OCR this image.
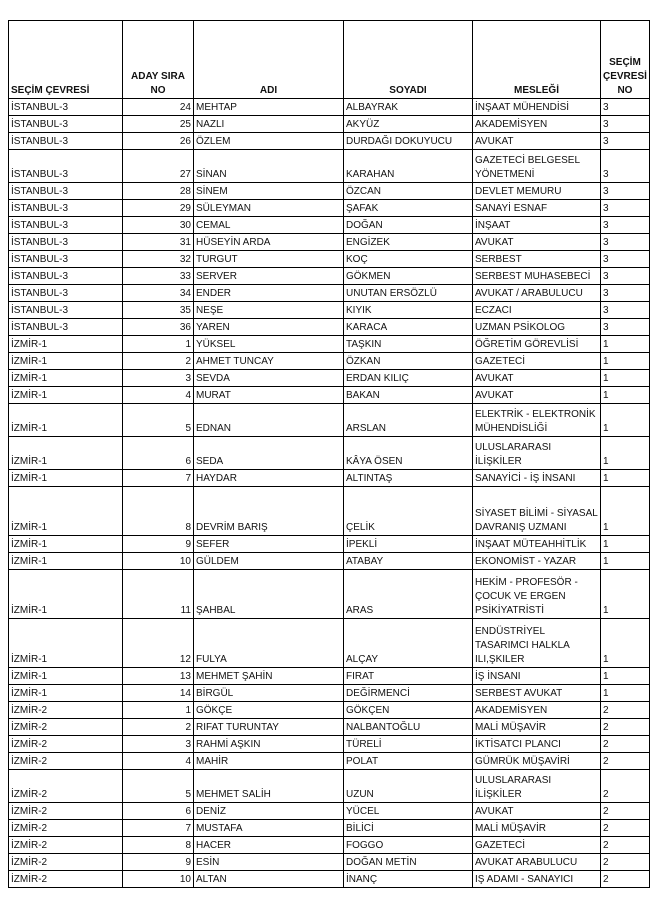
SEÇİM ÇEVRESİ	ADAY SIRA NO	ADI	SOYADI	MESLEĞİ	SEÇİM ÇEVRESİ NO
İSTANBUL-3	24	MEHTAP	ALBAYRAK	İNŞAAT MÜHENDİSİ	3
İSTANBUL-3	25	NAZLI	AKYÜZ	AKADEMİSYEN	3
İSTANBUL-3	26	ÖZLEM	DURDAĞI DOKUYUCU	AVUKAT	3
İSTANBUL-3	27	SİNAN	KARAHAN	GAZETECİ BELGESEL YÖNETMENİ	3
İSTANBUL-3	28	SİNEM	ÖZCAN	DEVLET MEMURU	3
İSTANBUL-3	29	SÜLEYMAN	ŞAFAK	SANAYİ ESNAF	3
İSTANBUL-3	30	CEMAL	DOĞAN	İNŞAAT	3
İSTANBUL-3	31	HÜSEYİN ARDA	ENGİZEK	AVUKAT	3
İSTANBUL-3	32	TURGUT	KOÇ	SERBEST	3
İSTANBUL-3	33	SERVER	GÖKMEN	SERBEST MUHASEBECİ	3
İSTANBUL-3	34	ENDER	UNUTAN ERSÖZLÜ	AVUKAT / ARABULUCU	3
İSTANBUL-3	35	NEŞE	KIYIK	ECZACI	3
İSTANBUL-3	36	YAREN	KARACA	UZMAN PSİKOLOG	3
İZMİR-1	1	YÜKSEL	TAŞKIN	ÖĞRETİM GÖREVLİSİ	1
İZMİR-1	2	AHMET TUNCAY	ÖZKAN	GAZETECİ	1
İZMİR-1	3	SEVDA	ERDAN KILIÇ	AVUKAT	1
İZMİR-1	4	MURAT	BAKAN	AVUKAT	1
İZMİR-1	5	EDNAN	ARSLAN	ELEKTRİK - ELEKTRONİK MÜHENDİSLİĞİ	1
İZMİR-1	6	SEDA	KÂYA ÖSEN	ULUSLARARASI İLİŞKİLER	1
İZMİR-1	7	HAYDAR	ALTINTAŞ	SANAYİCİ - İŞ İNSANI	1
İZMİR-1	8	DEVRİM BARIŞ	ÇELİK	SİYASET BİLİMİ - SİYASAL DAVRANIŞ UZMANI	1
İZMİR-1	9	SEFER	İPEKLİ	İNŞAAT MÜTEAHHİTLİK	1
İZMİR-1	10	GÜLDEM	ATABAY	EKONOMİST - YAZAR	1
İZMİR-1	11	ŞAHBAL	ARAS	HEKİM - PROFESÖR - ÇOCUK VE ERGEN PSİKİYATRİSTİ	1
İZMİR-1	12	FULYA	ALÇAY	ENDÜSTRİYEL TASARIMCI HALKLA ILI,ŞKILER	1
İZMİR-1	13	MEHMET ŞAHİN	FIRAT	İŞ İNSANI	1
İZMİR-1	14	BİRGÜL	DEĞİRMENCİ	SERBEST AVUKAT	1
İZMİR-2	1	GÖKÇE	GÖKÇEN	AKADEMİSYEN	2
İZMİR-2	2	RIFAT TURUNTAY	NALBANTOĞLU	MALİ MÜŞAVİR	2
İZMİR-2	3	RAHMİ AŞKIN	TÜRELİ	İKTİSATCI PLANCI	2
İZMİR-2	4	MAHİR	POLAT	GÜMRÜK MÜŞAVİRİ	2
İZMİR-2	5	MEHMET SALİH	UZUN	ULUSLARARASI İLİŞKİLER	2
İZMİR-2	6	DENİZ	YÜCEL	AVUKAT	2
İZMİR-2	7	MUSTAFA	BİLİCİ	MALİ MÜŞAVİR	2
İZMİR-2	8	HACER	FOGGO	GAZETECİ	2
İZMİR-2	9	ESİN	DOĞAN METİN	AVUKAT ARABULUCU	2
İZMİR-2	10	ALTAN	İNANÇ	IŞ ADAMI - SANAYICI	2
